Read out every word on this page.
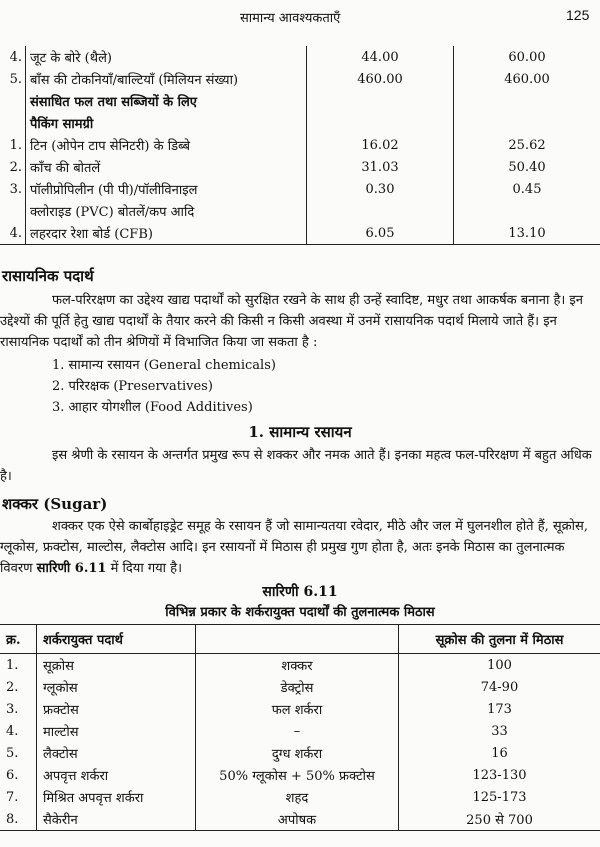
सामान्य आवश्यकताएँ	125
4.	जूट के बोरे (थैले)	44.00	60.00
5.	बाँस की टोकनियाँ/बाल्टियाँ (मिलियन संख्या)	460.00	460.00
	संसाधित फल तथा सब्जियों के लिए		
	पैकिंग सामग्री		
1.	टिन (ओपेन टाप सेनिटरी) के डिब्बे	16.02	25.62
2.	काँच की बोतलें	31.03	50.40
3.	पॉलीप्रोपिलीन (पी पी)/पॉलीविनाइल	0.30	0.45
	क्लोराइड (PVC) बोतलें/कप आदि		
4.	लहरदार रेशा बोर्ड (CFB)	6.05	13.10
रासायनिक पदार्थ

फल-परिरक्षण का उद्देश्य खाद्य पदार्थों को सुरक्षित रखने के साथ ही उन्हें स्वादिष्ट, मधुर तथा आकर्षक बनाना है। इन उद्देश्यों की पूर्ति हेतु खाद्य पदार्थों के तैयार करने की किसी न किसी अवस्था में उनमें रासायनिक पदार्थ मिलाये जाते हैं। इन रासायनिक पदार्थों को तीन श्रेणियों में विभाजित किया जा सकता है :

1. सामान्य रसायन (General chemicals)
2. परिरक्षक (Preservatives)
3. आहार योगशील (Food Additives)
1. सामान्य रसायन

इस श्रेणी के रसायन के अन्तर्गत प्रमुख रूप से शक्कर और नमक आते हैं। इनका महत्व फल-परिरक्षण में बहुत अधिक है।

शक्कर (Sugar)

शक्कर एक ऐसे कार्बोहाइड्रेट समूह के रसायन हैं जो सामान्यतया रवेदार, मीठे और जल में घुलनशील होते हैं, सूक्रोस, ग्लूकोस, फ्रक्टोस, माल्टोस, लैक्टोस आदि। इन रसायनों में मिठास ही प्रमुख गुण होता है, अतः इनके मिठास का तुलनात्मक विवरण सारिणी 6.11 में दिया गया है।

सारिणी 6.11
विभिन्न प्रकार के शर्करायुक्त पदार्थों की तुलनात्मक मिठास
क्र.	शर्करायुक्त पदार्थ		सूक्रोस की तुलना में मिठास
1.	सूक्रोस	शक्कर	100
2.	ग्लूकोस	डेक्ट्रोस	74-90
3.	फ्रक्टोस	फल शर्करा	173
4.	माल्टोस	–	33
5.	लैक्टोस	दुग्ध शर्करा	16
6.	अपवृत्त शर्करा	50% ग्लूकोस + 50% फ्रक्टोस	123-130
7.	मिश्रित अपवृत्त शर्करा	शहद	125-173
8.	सैकेरीन	अपोषक	250 से 700
